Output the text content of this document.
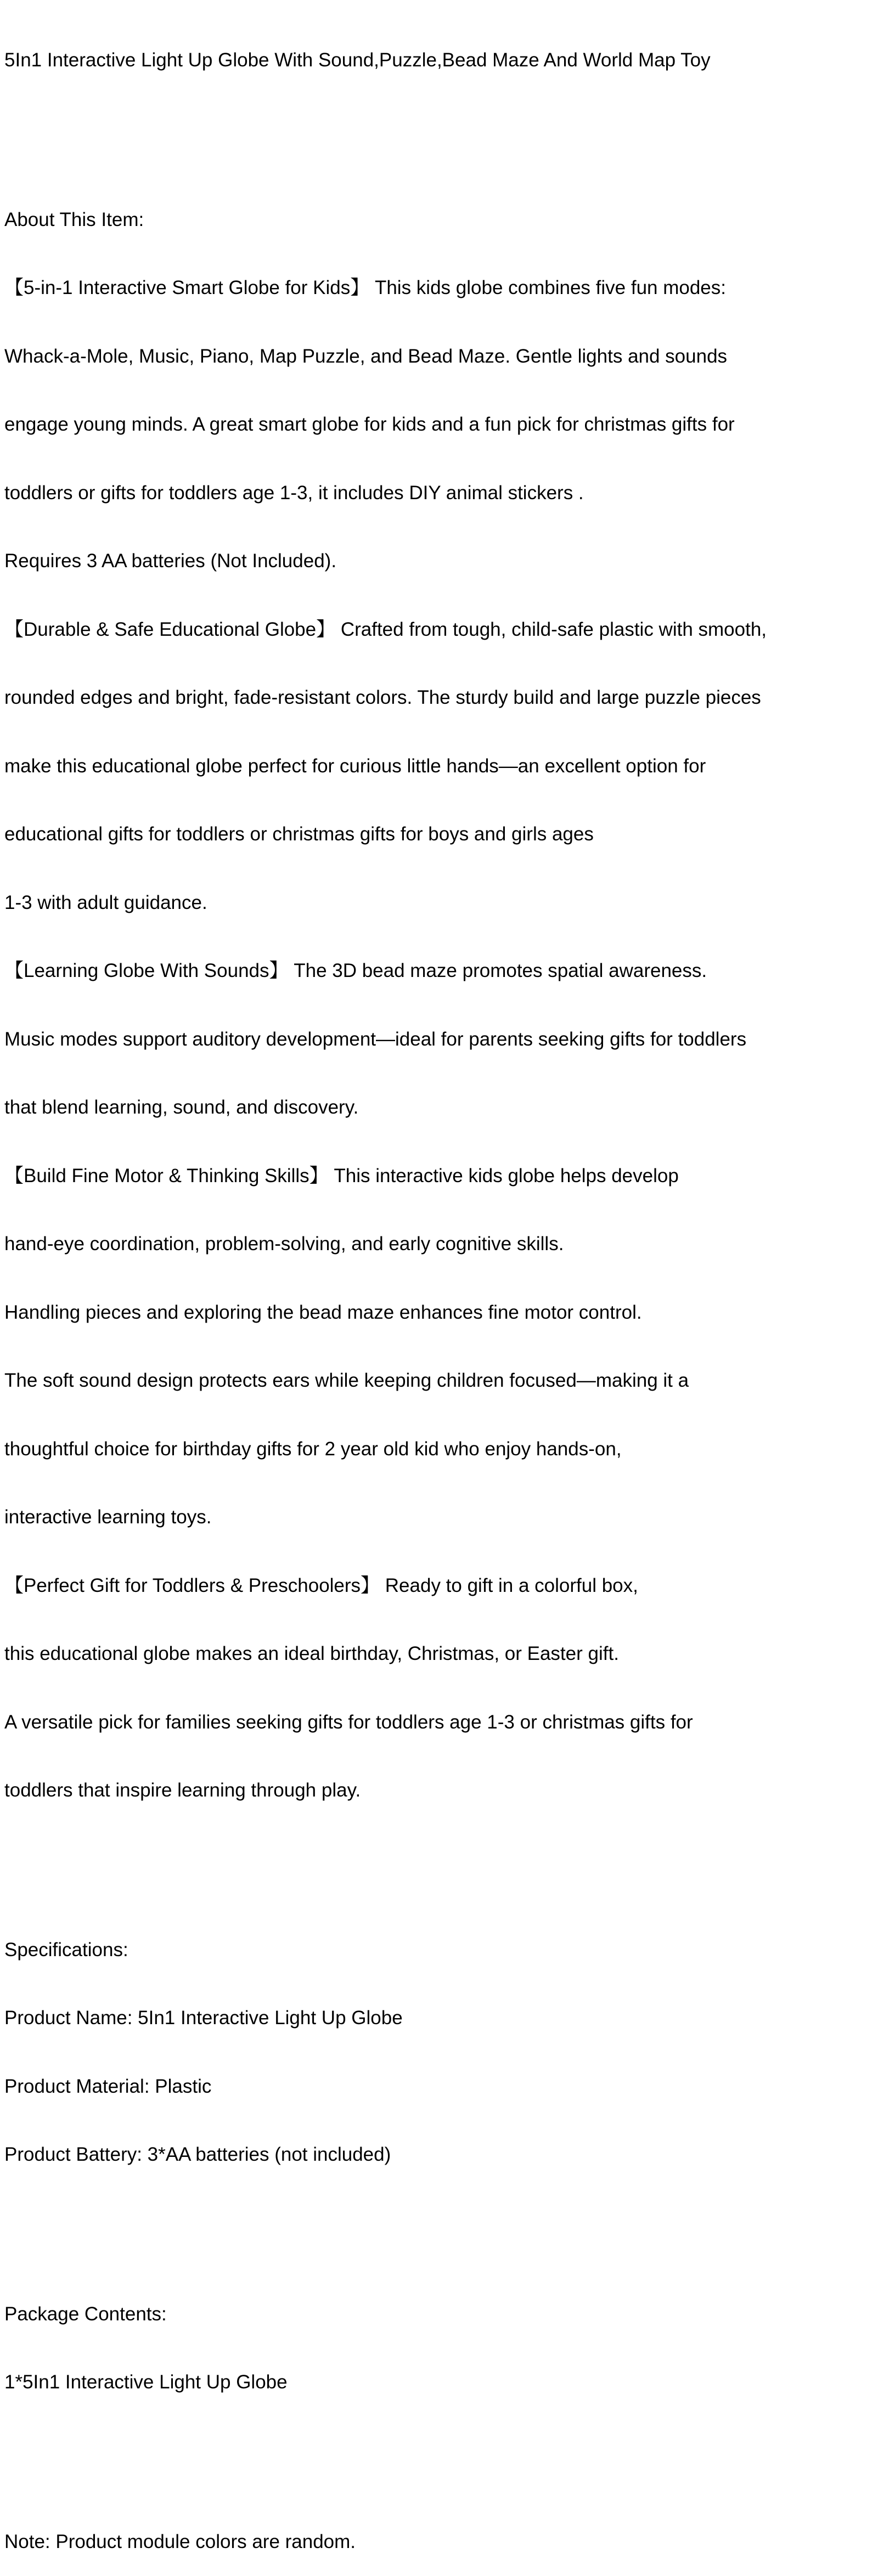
5In1 Interactive Light Up Globe With Sound,Puzzle,Bead Maze And World Map Toy

About This Item:

【5-in-1 Interactive Smart Globe for Kids】 This kids globe combines five fun modes:

Whack-a-Mole, Music, Piano, Map Puzzle, and Bead Maze. Gentle lights and sounds

engage young minds. A great smart globe for kids and a fun pick for christmas gifts for

toddlers or gifts for toddlers age 1-3, it includes DIY animal stickers .

Requires 3 AA batteries (Not Included).

【Durable & Safe Educational Globe】 Crafted from tough, child-safe plastic with smooth,

rounded edges and bright, fade-resistant colors. The sturdy build and large puzzle pieces

make this educational globe perfect for curious little hands—an excellent option for

educational gifts for toddlers or christmas gifts for boys and girls ages

1-3 with adult guidance.

【Learning Globe With Sounds】 The 3D bead maze promotes spatial awareness.

Music modes support auditory development—ideal for parents seeking gifts for toddlers

that blend learning, sound, and discovery.

【Build Fine Motor & Thinking Skills】 This interactive kids globe helps develop

hand-eye coordination, problem-solving, and early cognitive skills.

Handling pieces and exploring the bead maze enhances fine motor control.

The soft sound design protects ears while keeping children focused—making it a

thoughtful choice for birthday gifts for 2 year old kid who enjoy hands-on,

interactive learning toys.

【Perfect Gift for Toddlers & Preschoolers】 Ready to gift in a colorful box,

this educational globe makes an ideal birthday, Christmas, or Easter gift.

A versatile pick for families seeking gifts for toddlers age 1-3 or christmas gifts for

toddlers that inspire learning through play.

Specifications:

Product Name: 5In1 Interactive Light Up Globe

Product Material: Plastic

Product Battery: 3*AA batteries (not included)

Package Contents:

1*5In1 Interactive Light Up Globe

Note: Product module colors are random.
